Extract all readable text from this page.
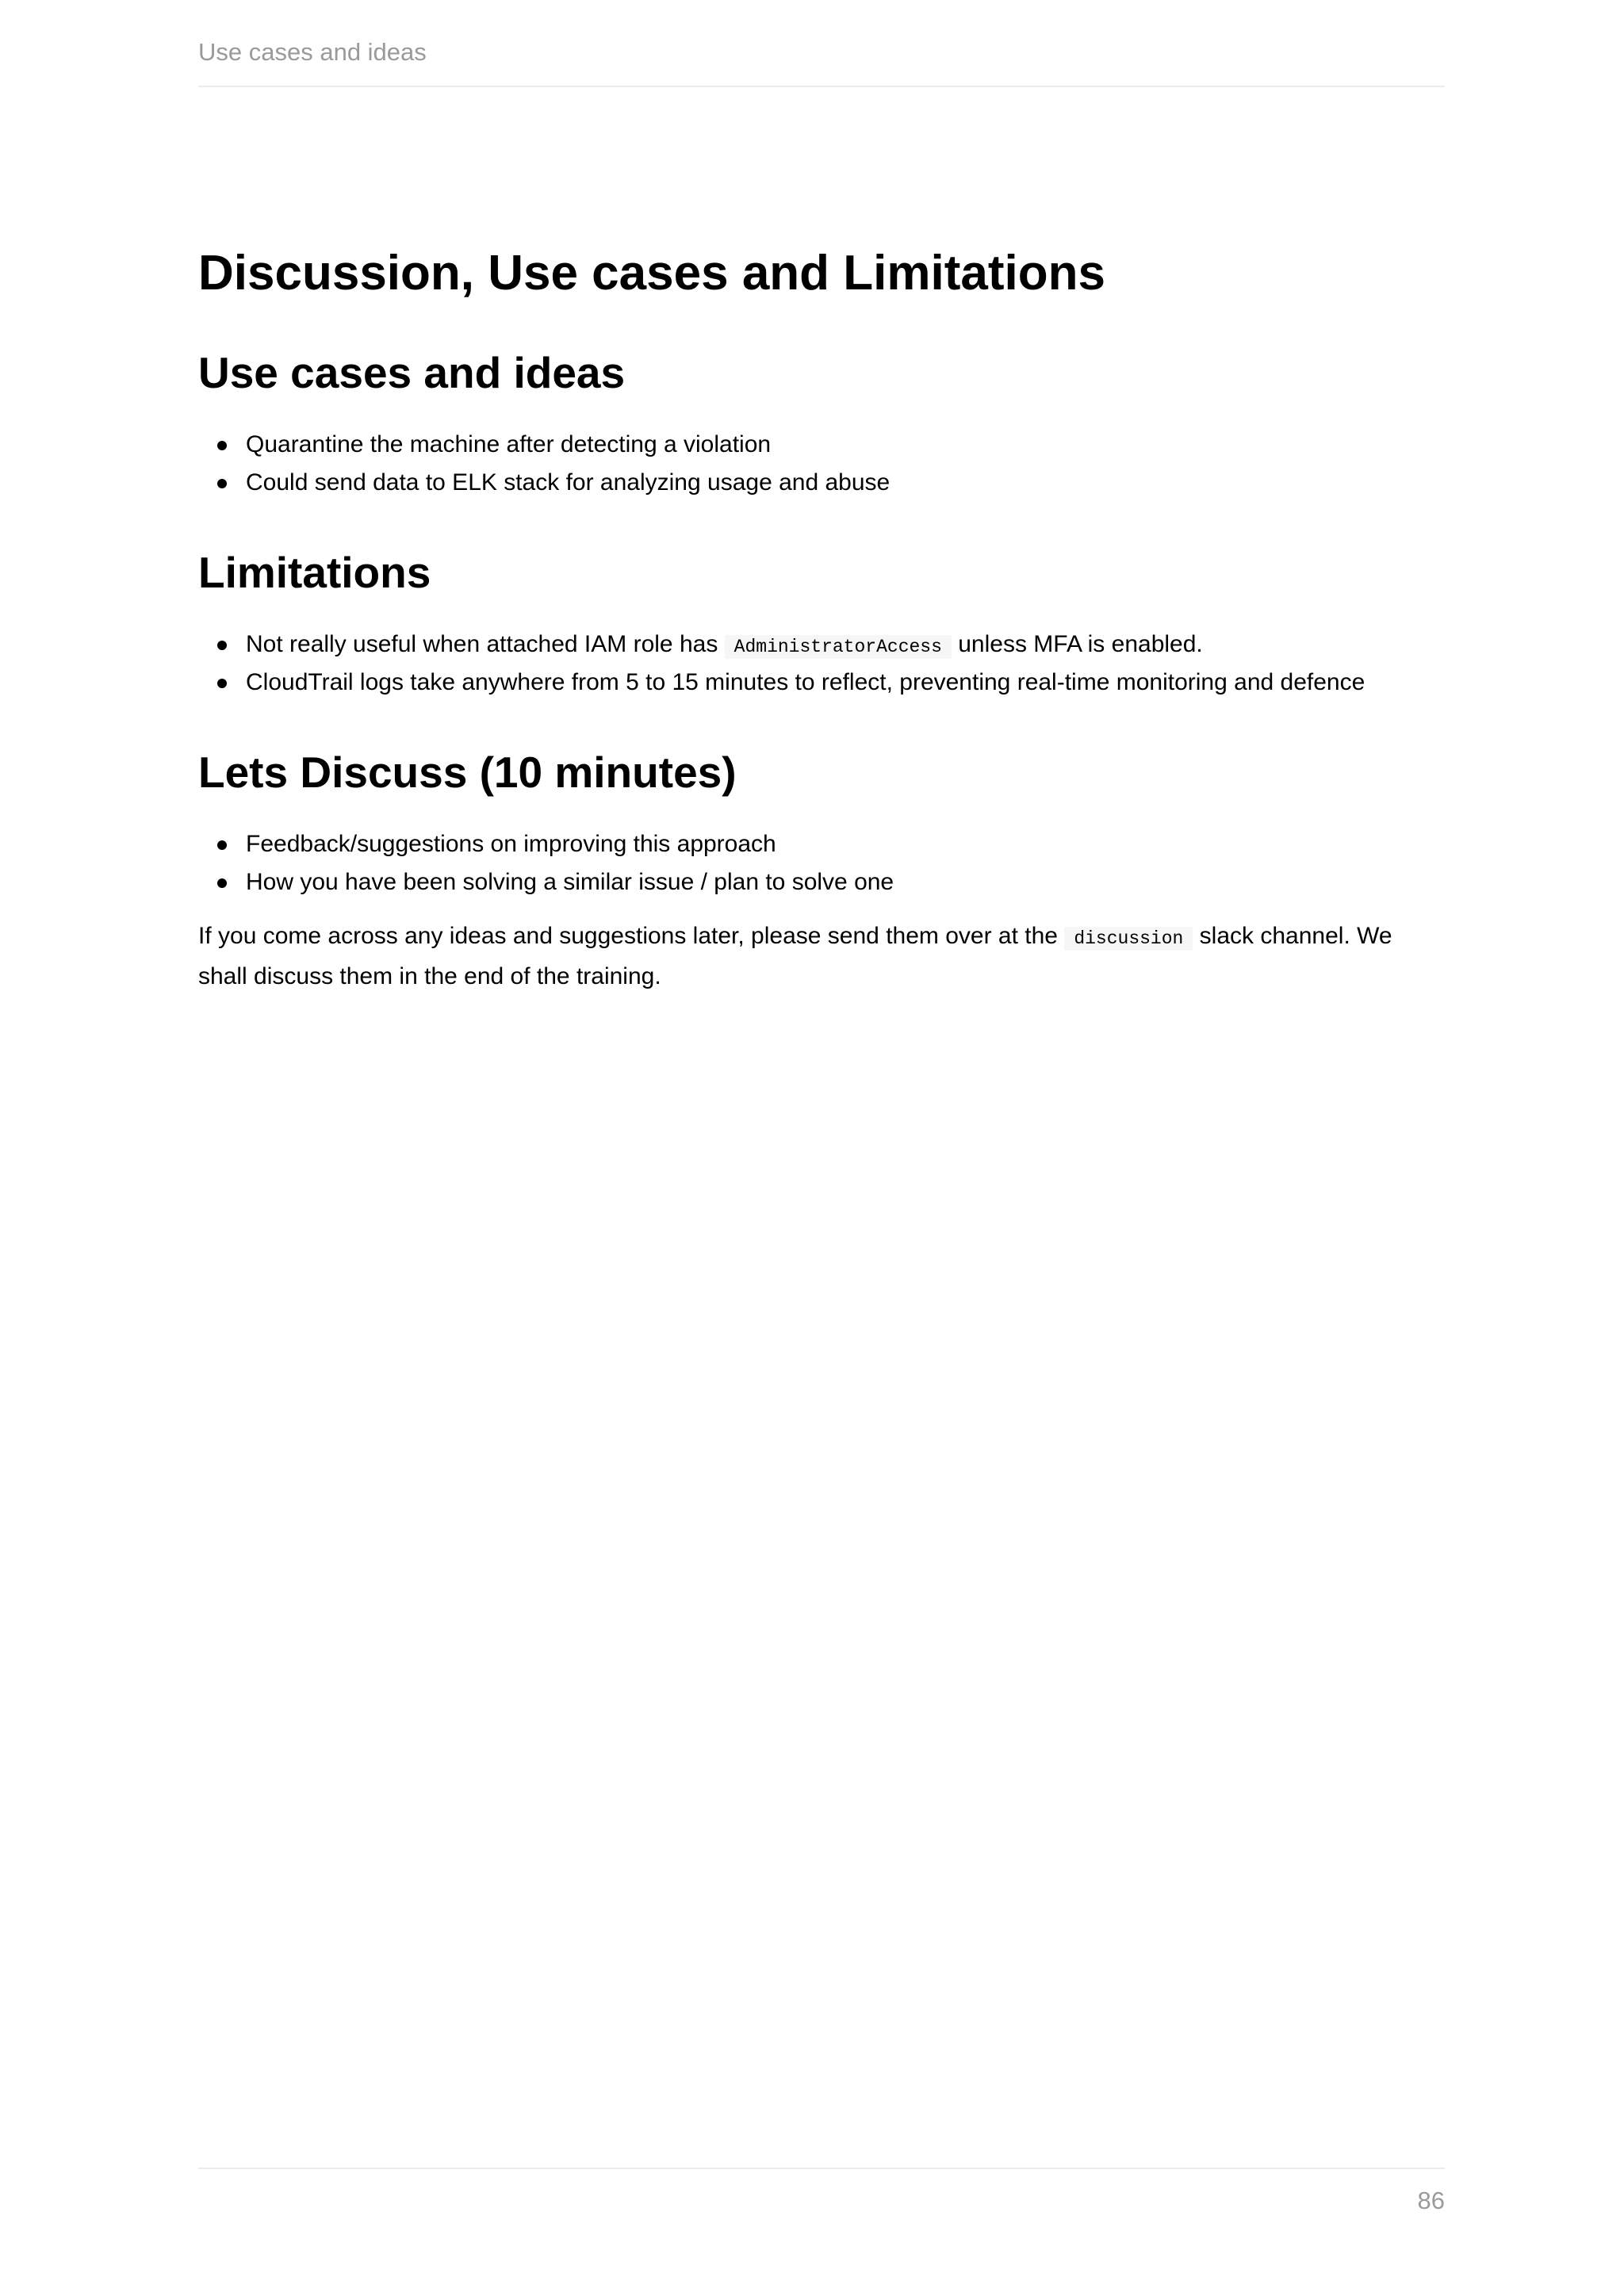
Use cases and ideas
Discussion, Use cases and Limitations
Use cases and ideas
Quarantine the machine after detecting a violation
Could send data to ELK stack for analyzing usage and abuse
Limitations
Not really useful when attached IAM role has AdministratorAccess unless MFA is enabled.
CloudTrail logs take anywhere from 5 to 15 minutes to reflect, preventing real-time monitoring and defence
Lets Discuss (10 minutes)
Feedback/suggestions on improving this approach
How you have been solving a similar issue / plan to solve one

If you come across any ideas and suggestions later, please send them over at the discussion slack channel. We shall discuss them in the end of the training.

86
